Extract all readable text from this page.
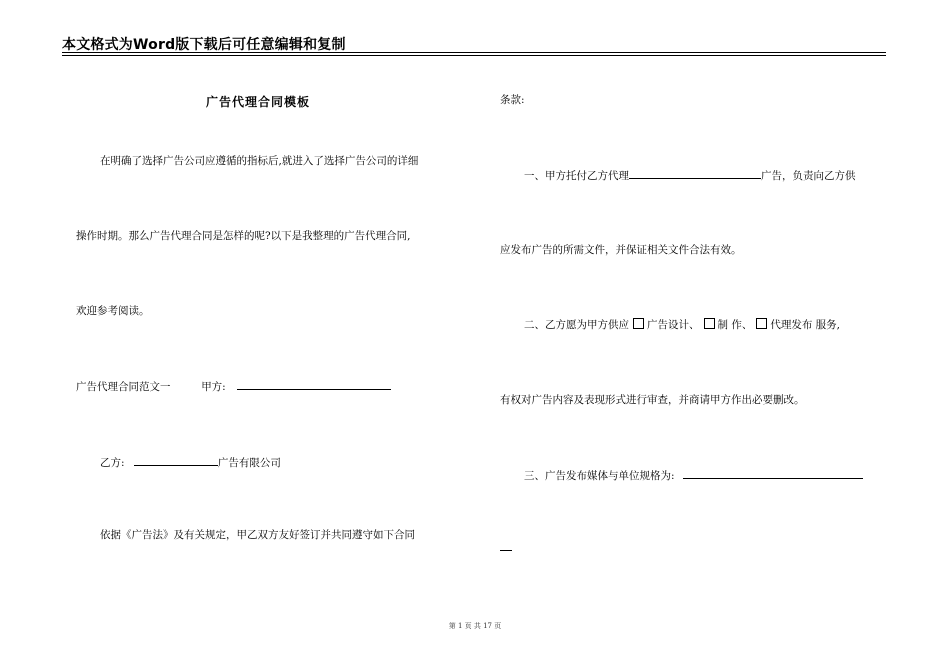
本文格式为Word版下载后可任意编辑和复制
广告代理合同模板
在明确了选择广告公司应遵循的指标后,就进入了选择广告公司的详细
操作时期。那么广告代理合同是怎样的呢?以下是我整理的广告代理合同,
欢迎参考阅读。
广告代理合同范文一	甲方:
乙方:	广告有限公司
依据《广告法》及有关规定，甲乙双方友好签订并共同遵守如下合同
条款:
一、甲方托付乙方代理	广告，负责向乙方供
应发布广告的所需文件，并保证相关文件合法有效。
二、乙方愿为甲方供应 广告设计、 制 作、 代理发布 服务,
有权对广告内容及表现形式进行审查，并商请甲方作出必要删改。
三、广告发布媒体与单位规格为:
第 1 页 共 17 页
